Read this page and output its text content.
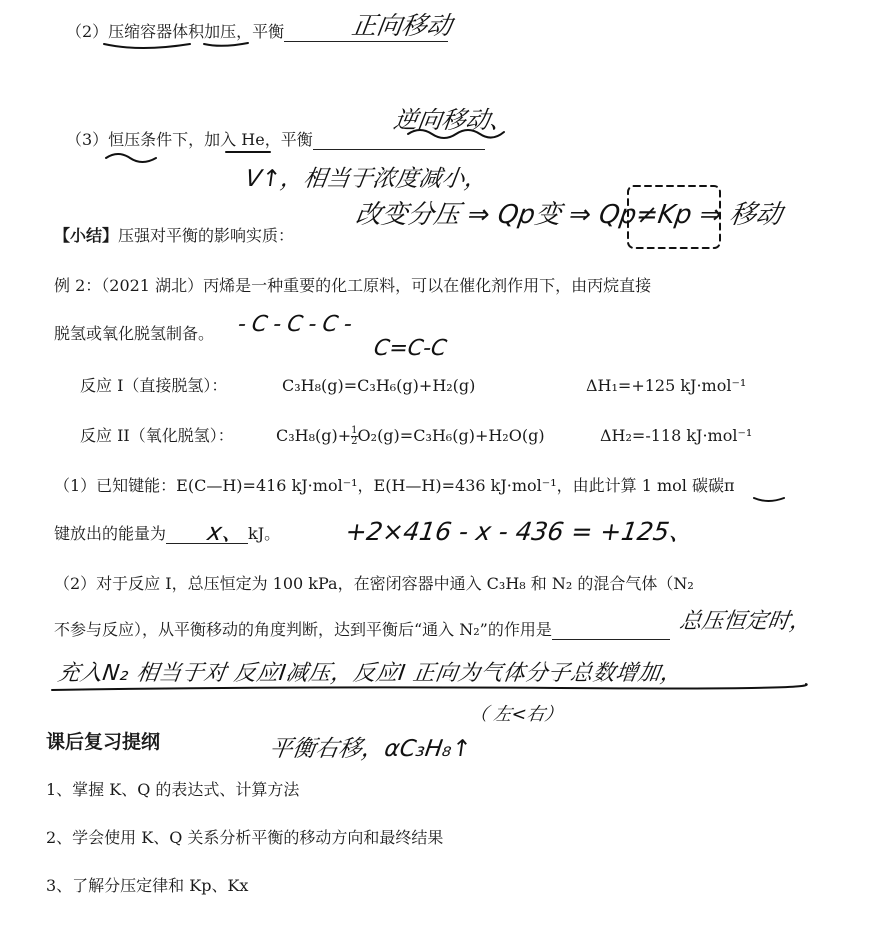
（2）压缩容器体积加压，平衡	正向移动
（3）恒压条件下，加入 He，平衡
逆向移动、
V↑，相当于浓度减小，
【小结】压强对平衡的影响实质：
改变分压 ⇒ Qp变 ⇒ Qp≠Kp ⇒ 移动
例 2：（2021 湖北）丙烯是一种重要的化工原料，可以在催化剂作用下，由丙烷直接
脱氢或氧化脱氢制备。 -C-C-C-
C=C-C
反应 I（直接脱氢）：	C₃H₈(g)=C₃H₆(g)+H₂(g)	ΔH₁=+125 kJ·mol⁻¹
反应 II（氧化脱氢）：	$C_3H_8(g)+ \frac{1}{2} O_2(g)=C_3H_6(g)+H_2O(g)$	ΔH₂=-118 kJ·mol⁻¹
（1）已知键能：E(C—H)=416 kJ·mol⁻¹，E(H—H)=436 kJ·mol⁻¹，由此计算 1 mol 碳碳π
键放出的能量为	kJ。
x、	+2×416 - x - 436 = +125、
（2）对于反应 I，总压恒定为 100 kPa，在密闭容器中通入 C₃H₈ 和 N₂ 的混合气体（N₂
不参与反应），从平衡移动的角度判断，达到平衡后“通入 N₂”的作用是	总压恒定时，
充入N₂ 相当于对 反应I减压，反应I 正向为气体分子总数增加，
（ 左<右）
平衡右移，αC₃H₈↑
课后复习提纲
1、掌握 K、Q 的表达式、计算方法
2、学会使用 K、Q 关系分析平衡的移动方向和最终结果
3、了解分压定律和 Kp、Kx
